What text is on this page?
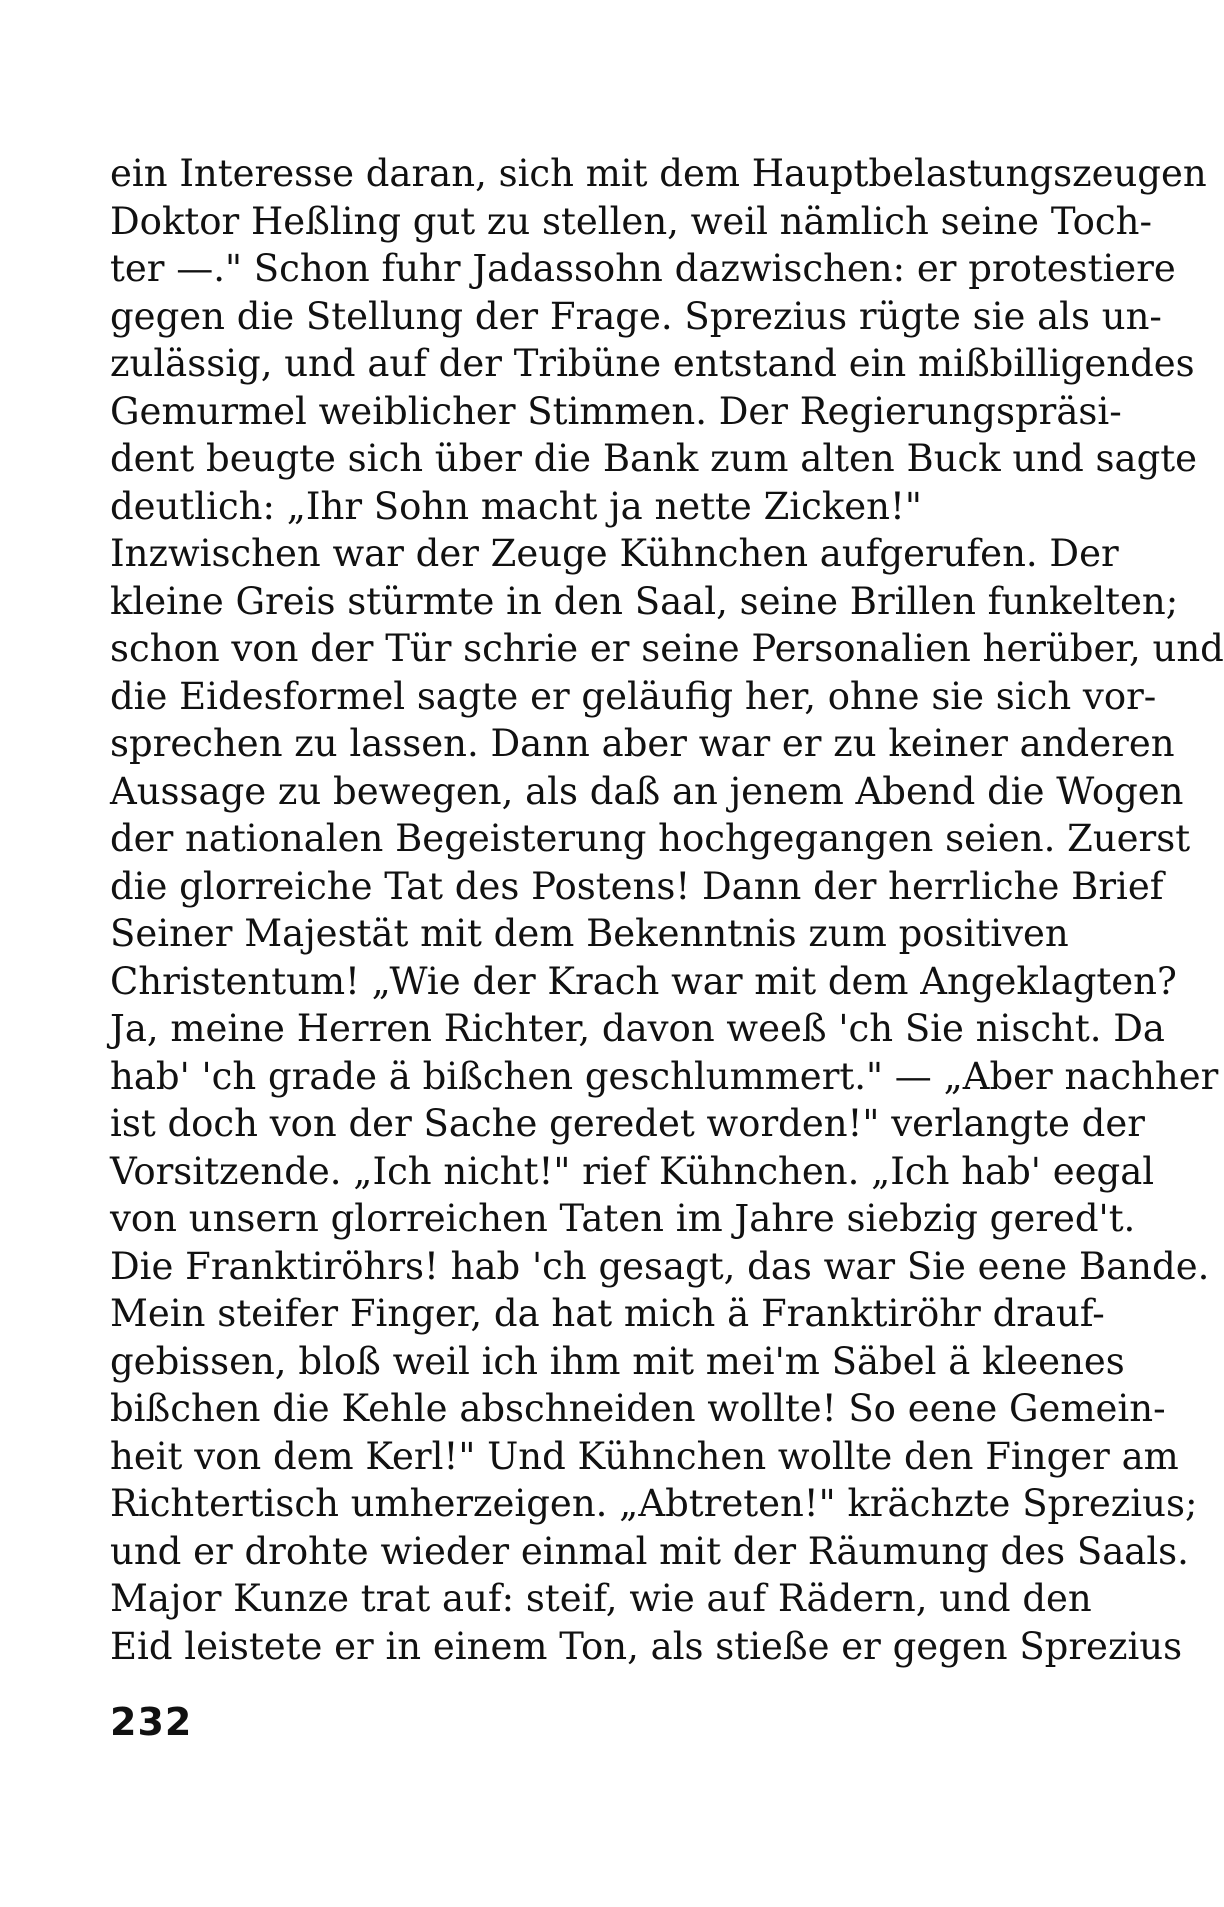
ein Interesse daran, sich mit dem Hauptbelastungszeugen
Doktor Heßling gut zu stellen, weil nämlich seine Toch-
ter —." Schon fuhr Jadassohn dazwischen: er protestiere
gegen die Stellung der Frage. Sprezius rügte sie als un-
zulässig, und auf der Tribüne entstand ein mißbilligendes
Gemurmel weiblicher Stimmen. Der Regierungspräsi-
dent beugte sich über die Bank zum alten Buck und sagte
deutlich: „Ihr Sohn macht ja nette Zicken!"
Inzwischen war der Zeuge Kühnchen aufgerufen. Der
kleine Greis stürmte in den Saal, seine Brillen funkelten;
schon von der Tür schrie er seine Personalien herüber, und
die Eidesformel sagte er geläufig her, ohne sie sich vor-
sprechen zu lassen. Dann aber war er zu keiner anderen
Aussage zu bewegen, als daß an jenem Abend die Wogen
der nationalen Begeisterung hochgegangen seien. Zuerst
die glorreiche Tat des Postens! Dann der herrliche Brief
Seiner Majestät mit dem Bekenntnis zum positiven
Christentum! „Wie der Krach war mit dem Angeklagten?
Ja, meine Herren Richter, davon weeß 'ch Sie nischt. Da
hab' 'ch grade ä bißchen geschlummert." — „Aber nachher
ist doch von der Sache geredet worden!" verlangte der
Vorsitzende. „Ich nicht!" rief Kühnchen. „Ich hab' eegal
von unsern glorreichen Taten im Jahre siebzig gered't.
Die Franktiröhrs! hab 'ch gesagt, das war Sie eene Bande.
Mein steifer Finger, da hat mich ä Franktiröhr drauf-
gebissen, bloß weil ich ihm mit mei'm Säbel ä kleenes
bißchen die Kehle abschneiden wollte! So eene Gemein-
heit von dem Kerl!" Und Kühnchen wollte den Finger am
Richtertisch umherzeigen. „Abtreten!" krächzte Sprezius;
und er drohte wieder einmal mit der Räumung des Saals.
Major Kunze trat auf: steif, wie auf Rädern, und den
Eid leistete er in einem Ton, als stieße er gegen Sprezius
232
